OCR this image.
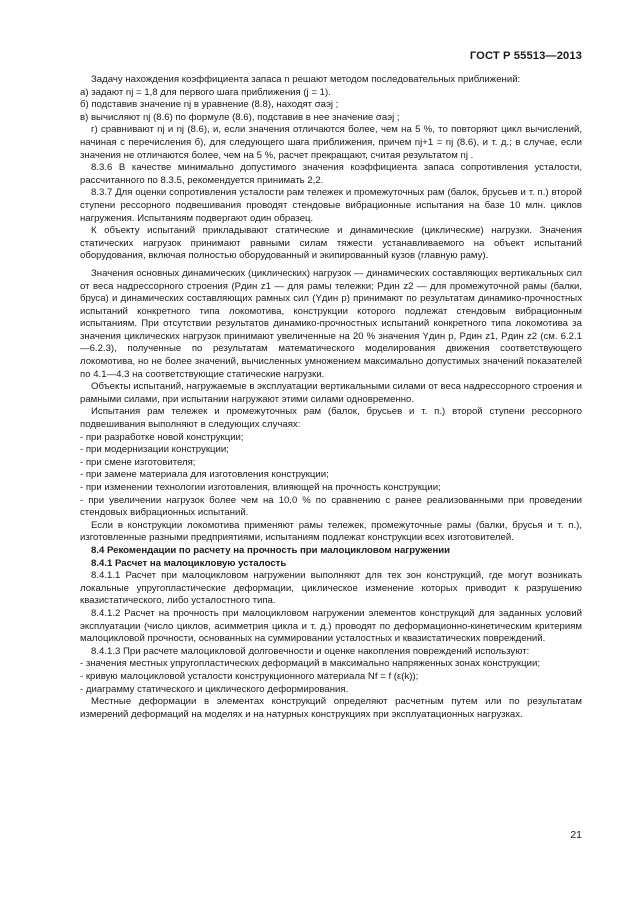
ГОСТ Р 55513—2013

Задачу нахождения коэффициента запаса n решают методом последовательных приближений:

а) задают nj = 1,8 для первого шага приближения (j = 1).

б) подставив значение nj в уравнение (8.8), находят σaэj ;

в) вычисляют nj (8.6) по формуле (8.6), подставив в нее значение σaэj ;

г) сравнивают nj и nj (8.6), и, если значения отличаются более, чем на 5 %, то повторяют цикл вычислений, начиная с перечисления б), для следующего шага приближения, причем nj+1 = nj (8.6), и т. д.; в случае, если значения не отличаются более, чем на 5 %, расчет прекращают, считая результатом nj .

8.3.6 В качестве минимально допустимого значения коэффициента запаса сопротивления усталости, рассчитанного по 8.3.5, рекомендуется принимать 2,2.

8.3.7 Для оценки сопротивления усталости рам тележек и промежуточных рам (балок, брусьев и т. п.) второй ступени рессорного подвешивания проводят стендовые вибрационные испытания на базе 10 млн. циклов нагружения. Испытаниям подвергают один образец.

К объекту испытаний прикладывают статические и динамические (циклические) нагрузки. Значения статических нагрузок принимают равными силам тяжести устанавливаемого на объект испытаний оборудования, включая полностью оборудованный и экипированный кузов (главную раму).

Значения основных динамических (циклических) нагрузок — динамических составляющих вертикальных сил от веса надрессорного строения (Pдин z1 — для рамы тележки; Pдин z2 — для промежуточной рамы (балки, бруса) и динамических составляющих рамных сил (Yдин р) принимают по результатам динамико-прочностных испытаний конкретного типа локомотива, конструкции которого подлежат стендовым вибрационным испытаниям. При отсутствии результатов динамико-прочностных испытаний конкретного типа локомотива за значения циклических нагрузок принимают увеличенные на 20 % значения Yдин р, Pдин z1, Pдин z2 (см. 6.2.1—6.2.3), полученные по результатам математического моделирования движения соответствующего локомотива, но не более значений, вычисленных умножением максимально допустимых значений показателей по 4.1—4.3 на соответствующие статические нагрузки.

Объекты испытаний, нагружаемые в эксплуатации вертикальными силами от веса надрессорного строения и рамными силами, при испытании нагружают этими силами одновременно.

Испытания рам тележек и промежуточных рам (балок, брусьев и т. п.) второй ступени рессорного подвешивания выполняют в следующих случаях:

- при разработке новой конструкции;

- при модернизации конструкции;

- при смене изготовителя;

- при замене материала для изготовления конструкции;

- при изменении технологии изготовления, влияющей на прочность конструкции;

- при увеличении нагрузок более чем на 10,0 % по сравнению с ранее реализованными при проведении стендовых вибрационных испытаний.

Если в конструкции локомотива применяют рамы тележек, промежуточные рамы (балки, брусья и т. п.), изготовленные разными предприятиями, испытаниям подлежат конструкции всех изготовителей.

8.4 Рекомендации по расчету на прочность при малоцикловом нагружении

8.4.1 Расчет на малоцикловую усталость

8.4.1.1 Расчет при малоцикловом нагружении выполняют для тех зон конструкций, где могут возникать локальные упругопластические деформации, циклическое изменение которых приводит к разрушению квазистатического, либо усталостного типа.

8.4.1.2 Расчет на прочность при малоцикловом нагружении элементов конструкций для заданных условий эксплуатации (число циклов, асимметрия цикла и т. д.) проводят по деформационно-кинетическим критериям малоцикловой прочности, основанных на суммировании усталостных и квазистатических повреждений.

8.4.1.3 При расчете малоцикловой долговечности и оценке накопления повреждений используют:

- значения местных упругопластических деформаций в максимально напряженных зонах конструкции;

- кривую малоцикловой усталости конструкционного материала Nf = f (ε(k));

- диаграмму статического и циклического деформирования.

Местные деформации в элементах конструкций определяют расчетным путем или по результатам измерений деформаций на моделях и на натурных конструкциях при эксплуатационных нагрузках.

21
